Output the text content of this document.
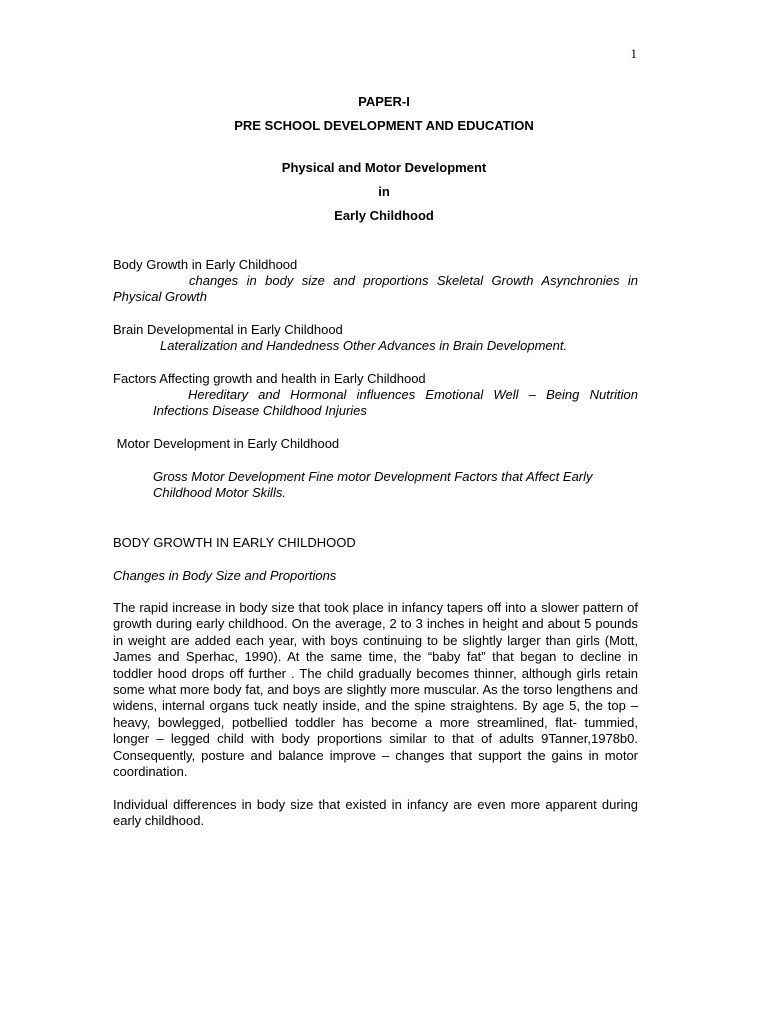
1
PAPER-I
PRE SCHOOL DEVELOPMENT AND EDUCATION
Physical and Motor Development
in
Early Childhood
Body Growth in Early Childhood
changes in body size and proportions Skeletal Growth Asynchronies in Physical Growth
Brain Developmental in Early Childhood
Lateralization and Handedness Other Advances in Brain Development.
Factors Affecting growth and health in Early Childhood
Hereditary and Hormonal influences Emotional Well – Being Nutrition Infections Disease Childhood Injuries
Motor Development in Early Childhood
Gross Motor Development Fine motor Development Factors that Affect Early Childhood Motor Skills.
BODY GROWTH IN EARLY CHILDHOOD
Changes in Body Size and Proportions
The rapid increase in body size that took place in infancy tapers off into a slower pattern of growth during early childhood. On the average, 2 to 3 inches in height and about 5 pounds in weight are added each year, with boys continuing to be slightly larger than girls (Mott, James and Sperhac, 1990). At the same time, the “baby fat” that began to decline in toddler hood drops off further . The child gradually becomes thinner, although girls retain some what more body fat, and boys are slightly more muscular. As the torso lengthens and widens, internal organs tuck neatly inside, and the spine straightens. By age 5, the top –heavy, bowlegged, potbellied toddler has become a more streamlined, flat- tummied, longer – legged child with body proportions similar to that of adults 9Tanner,1978b0. Consequently, posture and balance improve – changes that support the gains in motor coordination.
Individual differences in body size that existed in infancy are even more apparent during early childhood.
